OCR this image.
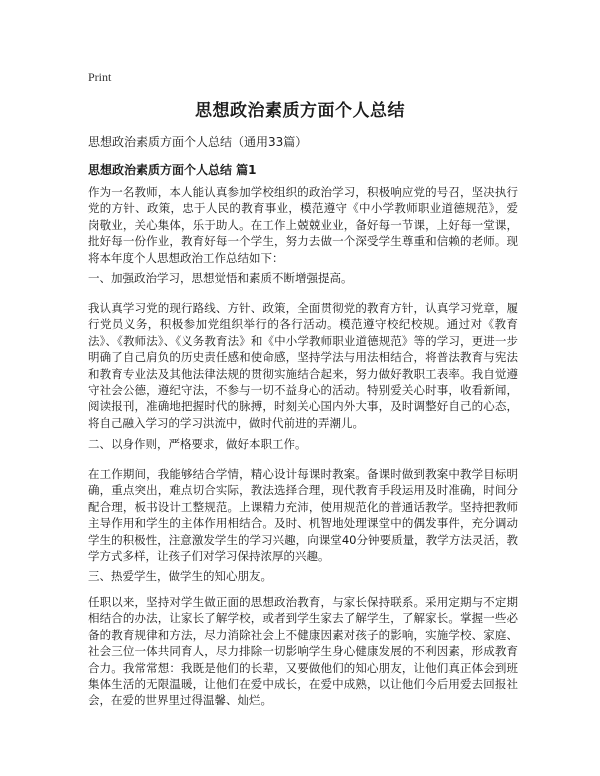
Print
思想政治素质方面个人总结

思想政治素质方面个人总结（通用33篇）

思想政治素质方面个人总结 篇1

作为一名教师，本人能认真参加学校组织的政治学习，积极响应党的号召，坚决执行党的方针、政策，忠于人民的教育事业，模范遵守《中小学教师职业道德规范》，爱岗敬业，关心集体，乐于助人。在工作上兢兢业业，备好每一节课，上好每一堂课，批好每一份作业，教育好每一个学生，努力去做一个深受学生尊重和信赖的老师。现将本年度个人思想政治工作总结如下：

一、加强政治学习，思想觉悟和素质不断增强提高。

我认真学习党的现行路线、方针、政策，全面贯彻党的教育方针，认真学习党章，履行党员义务，积极参加党组织举行的各行活动。模范遵守校纪校规。通过对《教育法》、《教师法》、《义务教育法》和《中小学教师职业道德规范》等的学习，更进一步明确了自己肩负的历史责任感和使命感，坚持学法与用法相结合，将普法教育与宪法和教育专业法及其他法律法规的贯彻实施结合起来，努力做好教职工表率。我自觉遵守社会公德，遵纪守法，不参与一切不益身心的活动。特别爱关心时事，收看新闻，阅读报刊，准确地把握时代的脉搏，时刻关心国内外大事，及时调整好自己的心态，将自己融入学习的学习洪流中，做时代前进的弄潮儿。

二、以身作则，严格要求，做好本职工作。

在工作期间，我能够结合学情，精心设计每课时教案。备课时做到教案中教学目标明确，重点突出，难点切合实际，教法选择合理，现代教育手段运用及时准确，时间分配合理，板书设计工整规范。上课精力充沛，使用规范化的普通话教学。坚持把教师主导作用和学生的主体作用相结合。及时、机智地处理课堂中的偶发事件，充分调动学生的积极性，注意激发学生的学习兴趣，向课堂40分钟要质量，教学方法灵活，教学方式多样，让孩子们对学习保持浓厚的兴趣。

三、热爱学生，做学生的知心朋友。

任职以来，坚持对学生做正面的思想政治教育，与家长保持联系。采用定期与不定期相结合的办法，让家长了解学校，或者到学生家去了解学生，了解家长。掌握一些必备的教育规律和方法，尽力消除社会上不健康因素对孩子的影响，实施学校、家庭、社会三位一体共同育人，尽力排除一切影响学生身心健康发展的不利因素，形成教育合力。我常常想：我既是他们的长辈，又要做他们的知心朋友，让他们真正体会到班集体生活的无限温暖，让他们在爱中成长，在爱中成熟，以让他们今后用爱去回报社会，在爱的世界里过得温馨、灿烂。
